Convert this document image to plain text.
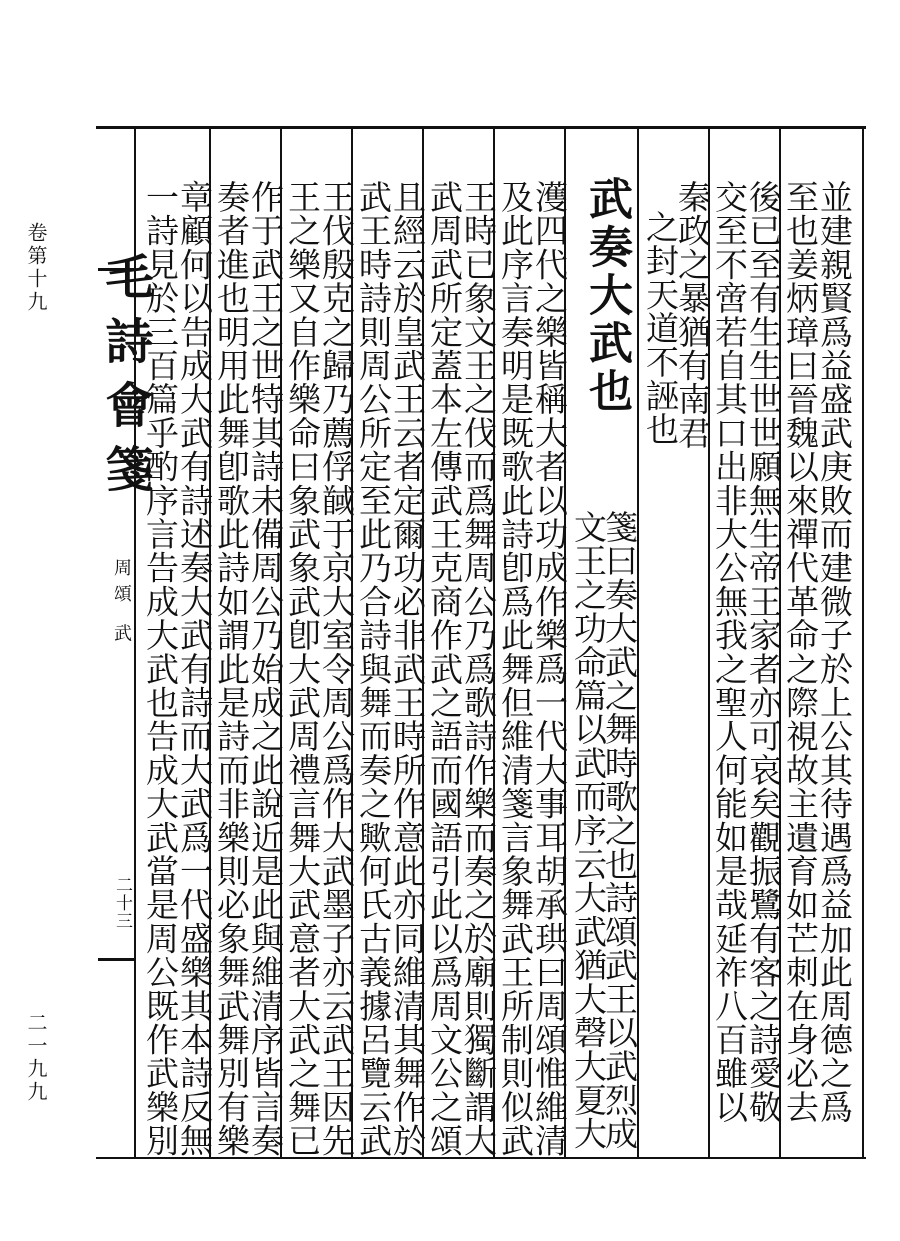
卷第十九
二一九九
毛詩會箋
周頌 武
二十三	並建親賢爲益盛武庚敗而建微子於上公其待遇爲益加此周德之爲
至也姜炳璋曰晉魏以來禪代革命之際視故主遺育如芒刺在身必去
後已至有生生世世願無生帝王家者亦可哀矣觀振鷺有客之詩愛敬
交至不啻若自其口出非大公無我之聖人何能如是哉延祚八百雖以
秦政之暴猶有南君
之封天道不誣也
武奏大武也
箋曰奏大武之舞時歌之也詩頌武王以武烈成
文王之功命篇以武而序云大武猶大磬大夏大
濩四代之樂皆稱大者以功成作樂爲一代大事耳胡承珙曰周頌惟維清
及此序言奏明是既歌此詩卽爲此舞但維清箋言象舞武王所制則似武
王時已象文王之伐而爲舞周公乃爲歌詩作樂而奏之於廟則獨斷謂大
武周武所定蓋本左傳武王克商作武之語而國語引此以爲周文公之頌
且經云於皇武王云者定爾功必非武王時所作意此亦同維清其舞作於
武王時詩則周公所定至此乃合詩與舞而奏之歟何氏古義據呂覽云武
王伐殷克之歸乃薦俘馘于京大室令周公爲作大武墨子亦云武王因先
王之樂又自作樂命曰象武象武卽大武周禮言舞大武意者大武之舞已
作于武王之世特其詩未備周公乃始成之此說近是此與維清序皆言奏
奏者進也明用此舞卽歌此詩如謂此是詩而非樂則必象舞武舞別有樂
章顧何以告成大武有詩述奏大武有詩而大武爲一代盛樂其本詩反無
一詩見於三百篇乎酌序言告成大武也告成大武當是周公既作武樂別
